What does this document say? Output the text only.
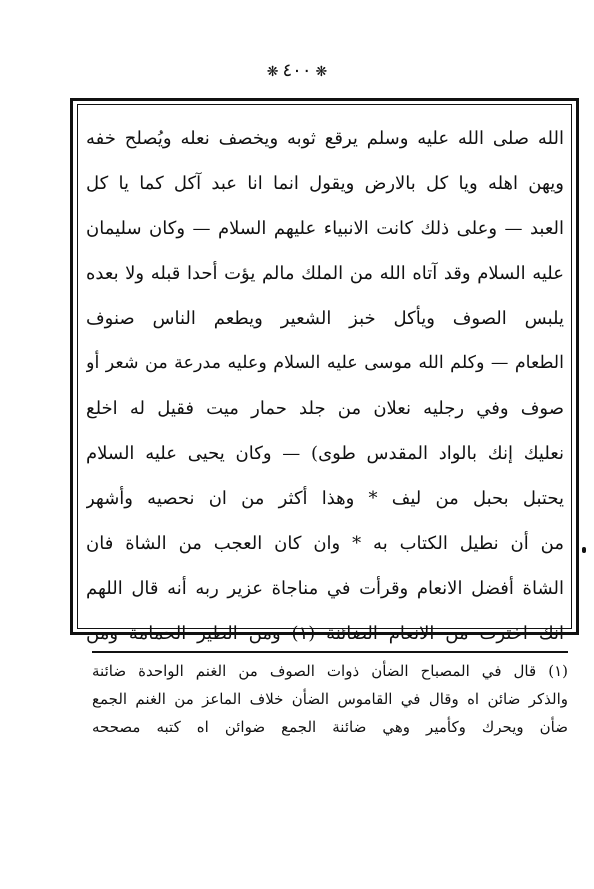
❋٤٠٠❋
الله صلى الله عليه وسلم يرقع ثوبه ويخصف نعله ويُصلح خفه
ويهن اهله ويا كل بالارض ويقول انما انا عبد آكل كما يا كل
العبد — وعلى ذلك كانت الانبياء عليهم السلام — وكان سليمان
عليه السلام وقد آتاه الله من الملك مالم يؤت أحدا قبله ولا بعده
يلبس الصوف ويأكل خبز الشعير ويطعم الناس صنوف
الطعام — وكلم الله موسى عليه السلام وعليه مدرعة من شعر أو
صوف وفي رجليه نعلان من جلد حمار ميت فقيل له اخلع
نعليك إنك بالواد المقدس طوى) — وكان يحيى عليه السلام
يحتبل بحبل من ليف * وهذا أكثر من ان نحصيه وأشهر
من أن نطيل الكتاب به * وان كان العجب من الشاة فان
الشاة أفضل الانعام وقرأت في مناجاة عزير ربه أنه قال اللهم
انك اخترت من الانعام الضائنة (١) ومن الطير الحمامة ومن
(١) قال في المصباح الضأن ذوات الصوف من الغنم الواحدة ضائنة
والذكر ضائن اه وقال في القاموس الضأن خلاف الماعز من الغنم الجمع
ضأن ويحرك وكأمير وهي ضائنة الجمع ضوائن اه كتبه مصححه
